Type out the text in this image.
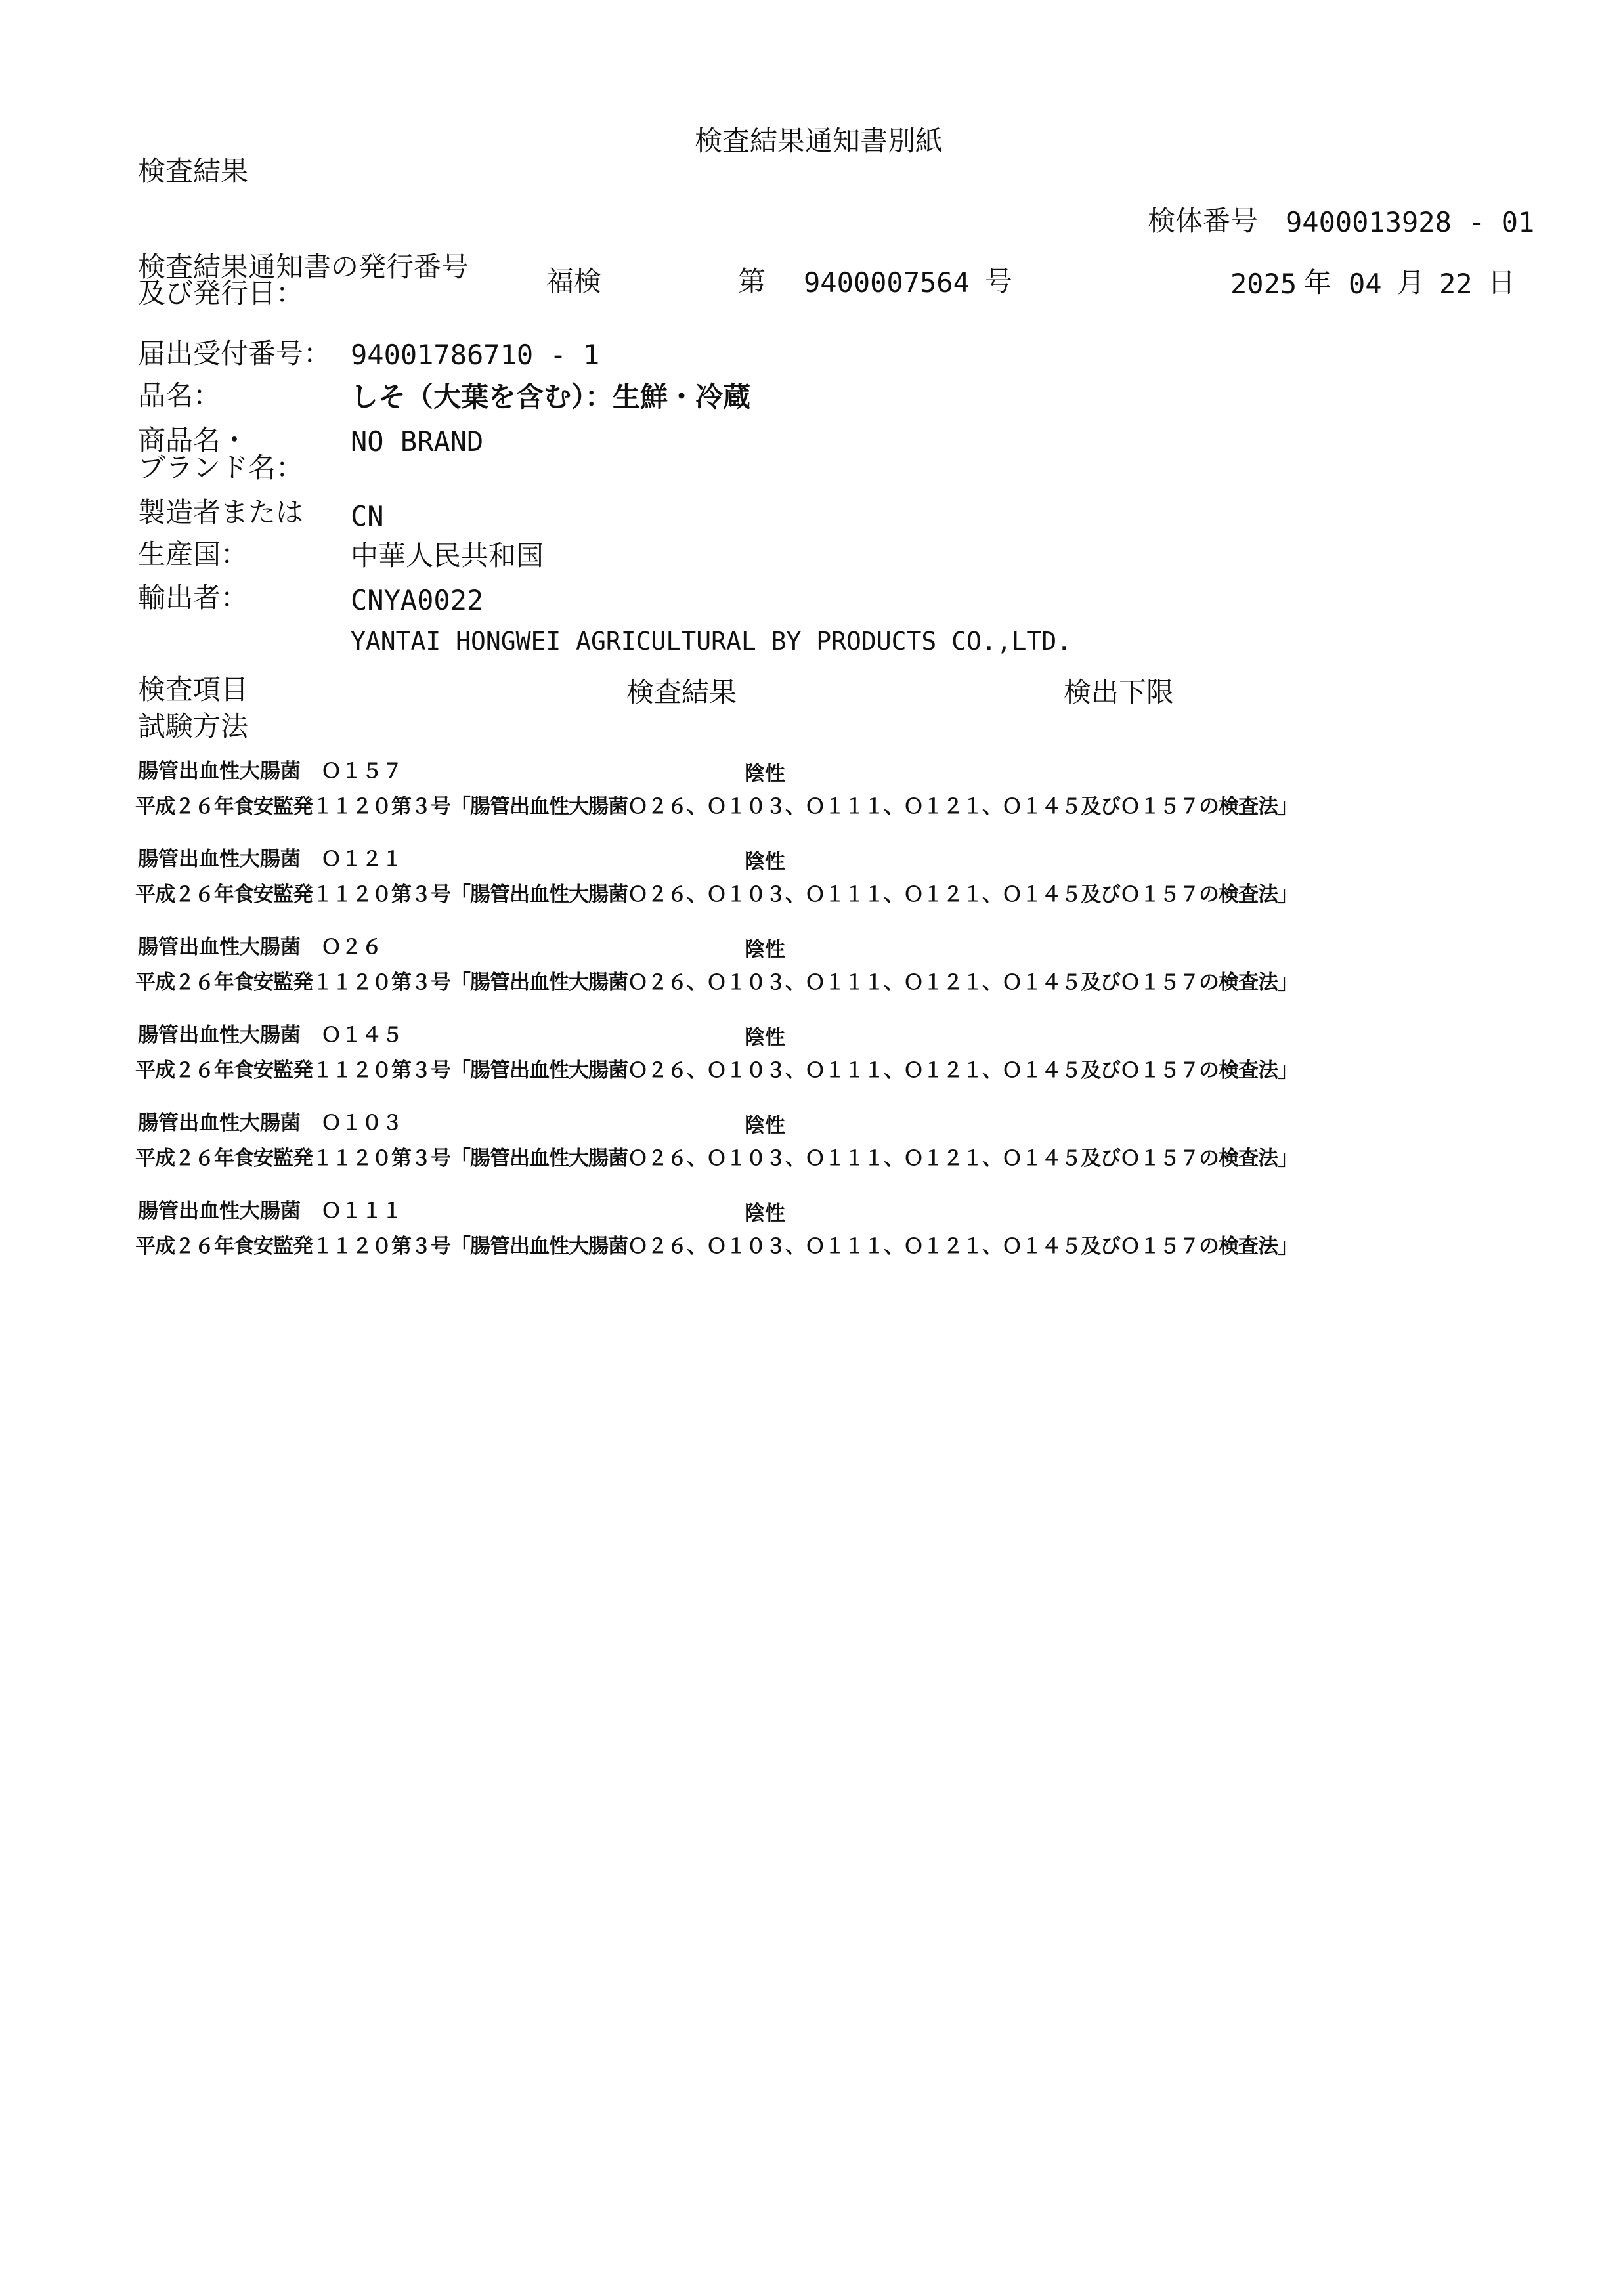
検査結果通知書別紙
検査結果
検体番号 9400013928 - 01
検査結果通知書の発行番号
及び発行日：	福検	第 9400007564 号	2025 年 04 月 22 日
届出受付番号： 94001786710 - 1
品名：	しそ（大葉を含む）：生鮮・冷蔵
商品名・
ブランド名：
NO BRAND
製造者または CN
生産国：	中華人民共和国
輸出者：	CNYA0022
YANTAI HONGWEI AGRICULTURAL BY PRODUCTS CO.,LTD.
検査項目	検査結果	検出下限
試験方法
腸管出血性大腸菌　Ｏ１５７	陰性
平成２６年食安監発１１２０第３号「腸管出血性大腸菌Ｏ２６、Ｏ１０３、Ｏ１１１、Ｏ１２１、Ｏ１４５及びＯ１５７の検査法」
腸管出血性大腸菌　Ｏ１２１	陰性
平成２６年食安監発１１２０第３号「腸管出血性大腸菌Ｏ２６、Ｏ１０３、Ｏ１１１、Ｏ１２１、Ｏ１４５及びＯ１５７の検査法」
腸管出血性大腸菌　Ｏ２６	陰性
平成２６年食安監発１１２０第３号「腸管出血性大腸菌Ｏ２６、Ｏ１０３、Ｏ１１１、Ｏ１２１、Ｏ１４５及びＯ１５７の検査法」
腸管出血性大腸菌　Ｏ１４５	陰性
平成２６年食安監発１１２０第３号「腸管出血性大腸菌Ｏ２６、Ｏ１０３、Ｏ１１１、Ｏ１２１、Ｏ１４５及びＯ１５７の検査法」
腸管出血性大腸菌　Ｏ１０３	陰性
平成２６年食安監発１１２０第３号「腸管出血性大腸菌Ｏ２６、Ｏ１０３、Ｏ１１１、Ｏ１２１、Ｏ１４５及びＯ１５７の検査法」
腸管出血性大腸菌　Ｏ１１１	陰性
平成２６年食安監発１１２０第３号「腸管出血性大腸菌Ｏ２６、Ｏ１０３、Ｏ１１１、Ｏ１２１、Ｏ１４５及びＯ１５７の検査法」
